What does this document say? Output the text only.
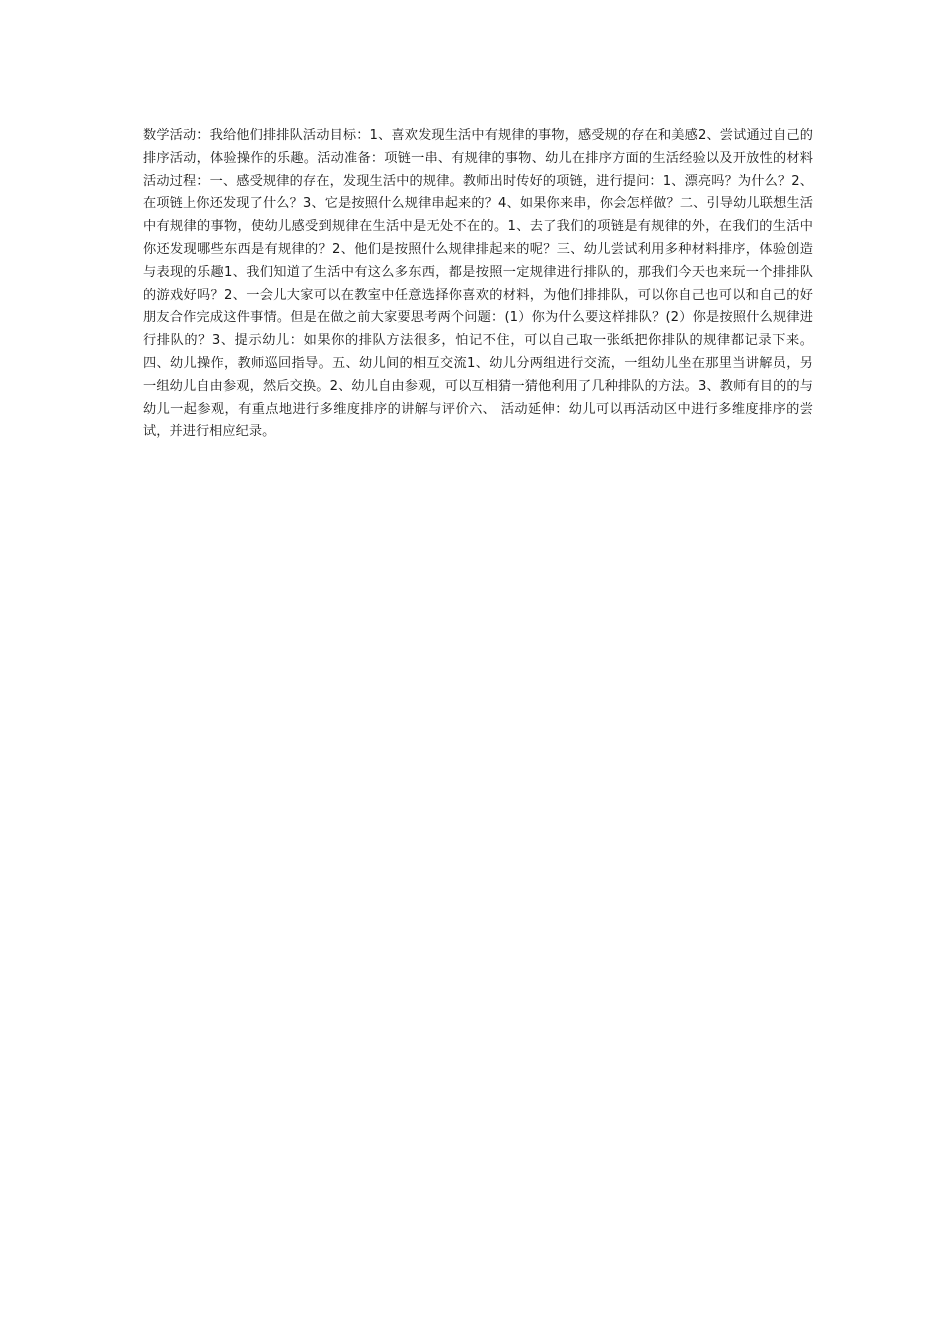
数学活动：我给他们排排队活动目标：1、喜欢发现生活中有规律的事物，感受规的存在和美感2、尝试通过自己的排序活动，体验操作的乐趣。活动准备：项链一串、有规律的事物、幼儿在排序方面的生活经验以及开放性的材料活动过程：一、感受规律的存在，发现生活中的规律。教师出时传好的项链，进行提问：1、漂亮吗？为什么？2、在项链上你还发现了什么？3、它是按照什么规律串起来的？4、如果你来串，你会怎样做？二、引导幼儿联想生活中有规律的事物，使幼儿感受到规律在生活中是无处不在的。1、去了我们的项链是有规律的外，在我们的生活中你还发现哪些东西是有规律的？2、他们是按照什么规律排起来的呢？三、幼儿尝试利用多种材料排序，体验创造与表现的乐趣1、我们知道了生活中有这么多东西，都是按照一定规律进行排队的，那我们今天也来玩一个排排队的游戏好吗？2、一会儿大家可以在教室中任意选择你喜欢的材料，为他们排排队，可以你自己也可以和自己的好朋友合作完成这件事情。但是在做之前大家要思考两个问题：(1）你为什么要这样排队？(2）你是按照什么规律进行排队的？3、提示幼儿：如果你的排队方法很多，怕记不住，可以自己取一张纸把你排队的规律都记录下来。四、幼儿操作，教师巡回指导。五、幼儿间的相互交流1、幼儿分两组进行交流，一组幼儿坐在那里当讲解员，另一组幼儿自由参观，然后交换。2、幼儿自由参观，可以互相猜一猜他利用了几种排队的方法。3、教师有目的的与幼儿一起参观，有重点地进行多维度排序的讲解与评价六、 活动延伸：幼儿可以再活动区中进行多维度排序的尝试，并进行相应纪录。
